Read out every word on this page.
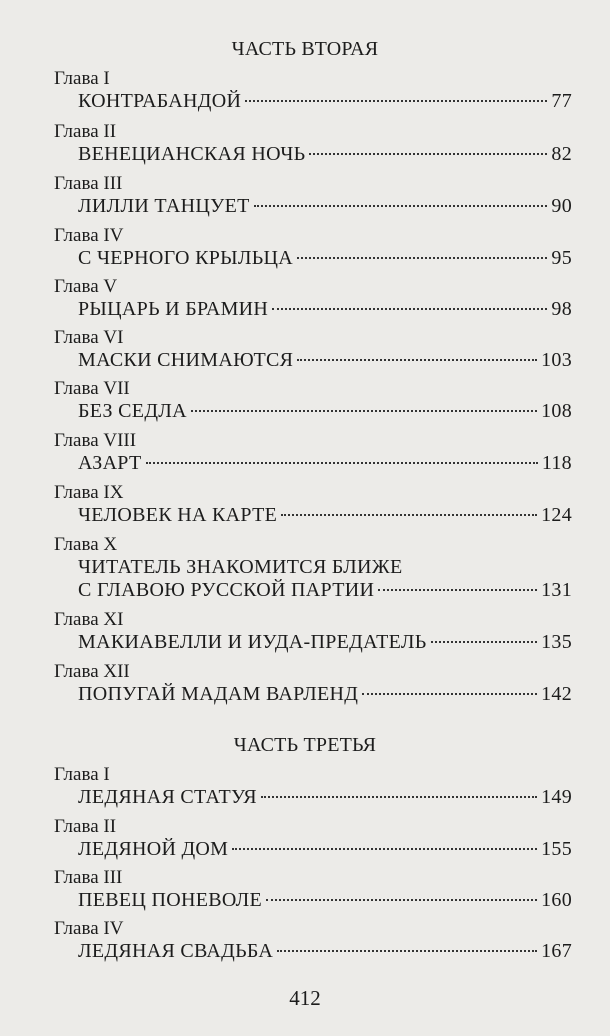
ЧАСТЬ ВТОРАЯ
Глава I
КОНТРАБАНДОЙ	77
Глава II
ВЕНЕЦИАНСКАЯ НОЧЬ	82
Глава III
ЛИЛЛИ ТАНЦУЕТ	90
Глава IV
С ЧЕРНОГО КРЫЛЬЦА	95
Глава V
РЫЦАРЬ И БРАМИН	98
Глава VI
МАСКИ СНИМАЮТСЯ	103
Глава VII
БЕЗ СЕДЛА	108
Глава VIII
АЗАРТ	118
Глава IX
ЧЕЛОВЕК НА КАРТЕ	124
Глава X
ЧИТАТЕЛЬ ЗНАКОМИТСЯ БЛИЖЕ
С ГЛАВОЮ РУССКОЙ ПАРТИИ	131
Глава XI
МАКИАВЕЛЛИ И ИУДА-ПРЕДАТЕЛЬ	135
Глава XII
ПОПУГАЙ МАДАМ ВАРЛЕНД	142
ЧАСТЬ ТРЕТЬЯ
Глава I
ЛЕДЯНАЯ СТАТУЯ	149
Глава II
ЛЕДЯНОЙ ДОМ	155
Глава III
ПЕВЕЦ ПОНЕВОЛЕ	160
Глава IV
ЛЕДЯНАЯ СВАДЬБА	167
412
